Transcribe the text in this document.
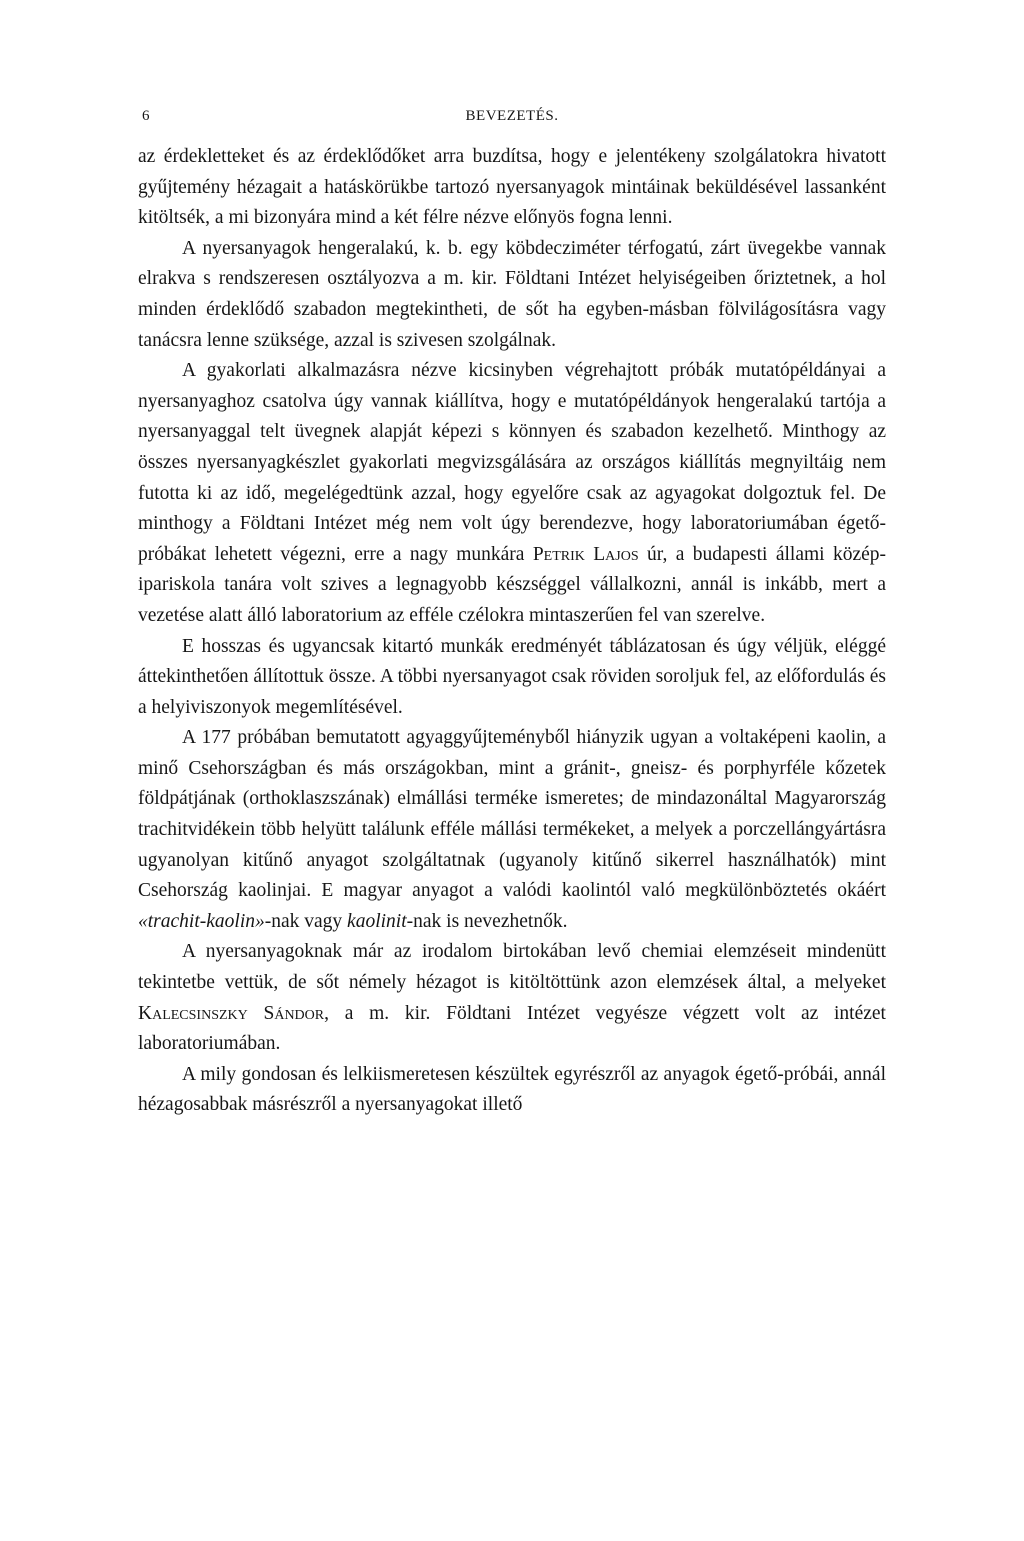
6	BEVEZETÉS.

az érdekletteket és az érdeklődőket arra buzdítsa, hogy e jelentékeny szolgálatokra hivatott gyűjtemény hézagait a hatáskörükbe tartozó nyersanyagok mintáinak beküldésével lassanként kitöltsék, a mi bizonyára mind a két félre nézve előnyös fogna lenni.

A nyersanyagok hengeralakú, k. b. egy köbdecziméter térfogatú, zárt üvegekbe vannak elrakva s rendszeresen osztályozva a m. kir. Földtani Intézet helyiségeiben őriztetnek, a hol minden érdeklődő szabadon megtekintheti, de sőt ha egyben-másban fölvilágosításra vagy tanácsra lenne szüksége, azzal is szivesen szolgálnak.

A gyakorlati alkalmazásra nézve kicsinyben végrehajtott próbák mutatópéldányai a nyersanyaghoz csatolva úgy vannak kiállítva, hogy e mutatópéldányok hengeralakú tartója a nyersanyaggal telt üvegnek alapját képezi s könnyen és szabadon kezelhető. Minthogy az összes nyersanyagkészlet gyakorlati megvizsgálására az országos kiállítás megnyiltáig nem futotta ki az idő, megelégedtünk azzal, hogy egyelőre csak az agyagokat dolgoztuk fel. De minthogy a Földtani Intézet még nem volt úgy berendezve, hogy laboratoriumában égető-próbákat lehetett végezni, erre a nagy munkára Petrik Lajos úr, a budapesti állami közép-ipariskola tanára volt szives a legnagyobb készséggel vállalkozni, annál is inkább, mert a vezetése alatt álló laboratorium az efféle czélokra mintaszerűen fel van szerelve.

E hosszas és ugyancsak kitartó munkák eredményét táblázatosan és úgy véljük, eléggé áttekinthetően állítottuk össze. A többi nyersanyagot csak röviden soroljuk fel, az előfordulás és a helyiviszonyok megemlítésével.

A 177 próbában bemutatott agyaggyűjteményből hiányzik ugyan a voltaképeni kaolin, a minő Csehországban és más országokban, mint a gránit-, gneisz- és porphyrféle kőzetek földpátjának (orthoklaszszának) elmállási terméke ismeretes; de mindazonáltal Magyarország trachitvidékein több helyütt találunk efféle mállási termékeket, a melyek a porczellángyártásra ugyanolyan kitűnő anyagot szolgáltatnak (ugyanoly kitűnő sikerrel használhatók) mint Csehország kaolinjai. E magyar anyagot a valódi kaolintól való megkülönböztetés okáért «trachit-kaolin»-nak vagy kaolinit-nak is nevezhetnők.

A nyersanyagoknak már az irodalom birtokában levő chemiai elemzéseit mindenütt tekintetbe vettük, de sőt némely hézagot is kitöltöttünk azon elemzések által, a melyeket Kalecsinszky Sándor, a m. kir. Földtani Intézet vegyésze végzett volt az intézet laboratoriumában.

A mily gondosan és lelkiismeretesen készültek egyrészről az anyagok égető-próbái, annál hézagosabbak másrészről a nyersanyagokat illető
